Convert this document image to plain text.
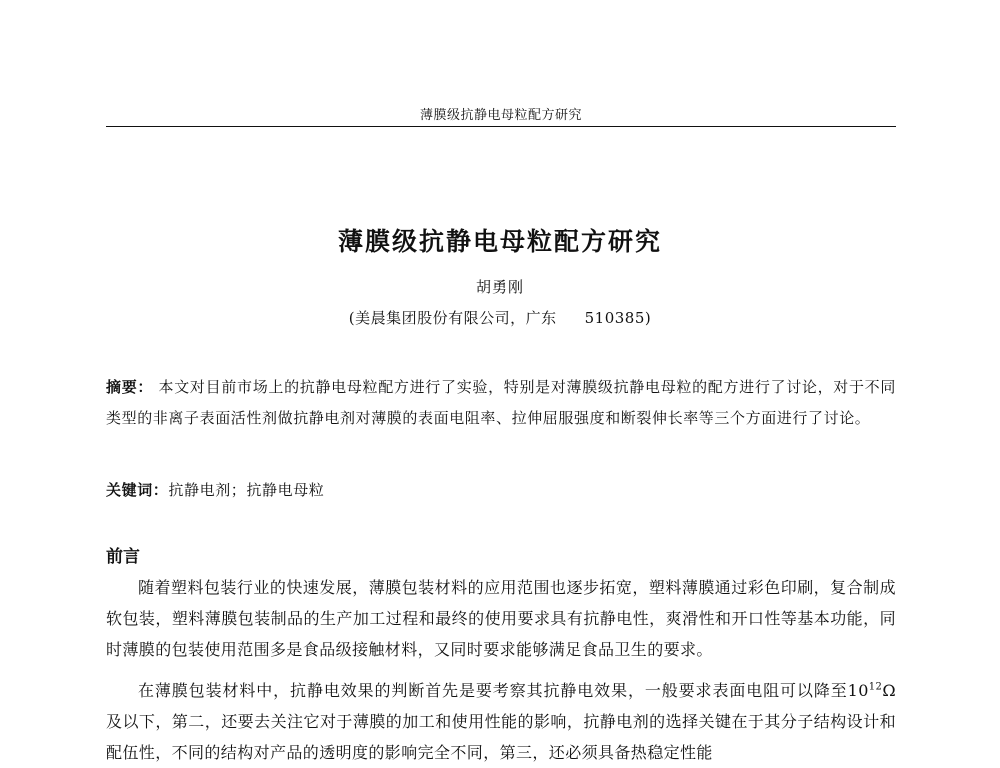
薄膜级抗静电母粒配方研究
薄膜级抗静电母粒配方研究
胡勇刚
(美晨集团股份有限公司，广东 510385)

摘要： 本文对目前市场上的抗静电母粒配方进行了实验，特别是对薄膜级抗静电母粒的配方进行了讨论，对于不同类型的非离子表面活性剂做抗静电剂对薄膜的表面电阻率、拉伸屈服强度和断裂伸长率等三个方面进行了讨论。

关键词：抗静电剂；抗静电母粒

前言

随着塑料包装行业的快速发展，薄膜包装材料的应用范围也逐步拓宽，塑料薄膜通过彩色印刷，复合制成软包装，塑料薄膜包装制品的生产加工过程和最终的使用要求具有抗静电性，爽滑性和开口性等基本功能，同时薄膜的包装使用范围多是食品级接触材料，又同时要求能够满足食品卫生的要求。

在薄膜包装材料中，抗静电效果的判断首先是要考察其抗静电效果，一般要求表面电阻可以降至$10^{12}\Omega$ 及以下，第二，还要去关注它对于薄膜的加工和使用性能的影响，抗静电剂的选择关键在于其分子结构设计和配伍性，不同的结构对产品的透明度的影响完全不同，第三，还必须具备热稳定性能
